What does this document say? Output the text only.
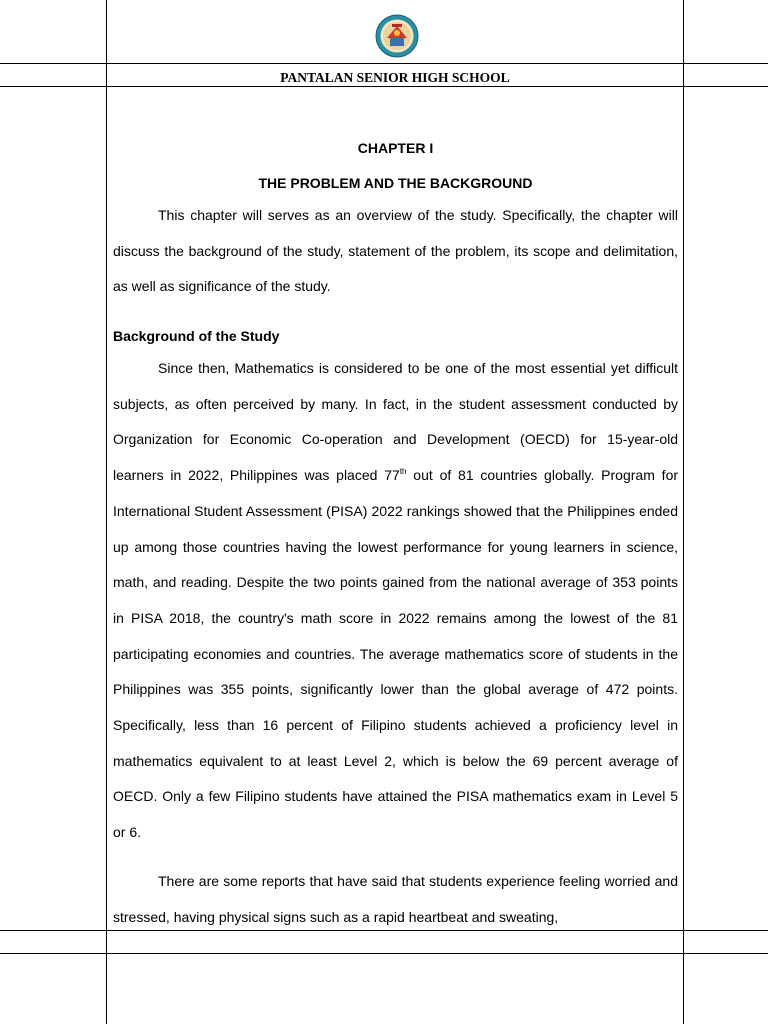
PANTALAN SENIOR HIGH SCHOOL
CHAPTER I
THE PROBLEM AND THE BACKGROUND

This chapter will serves as an overview of the study. Specifically, the chapter will discuss the background of the study, statement of the problem, its scope and delimitation, as well as significance of the study.

Background of the Study

Since then, Mathematics is considered to be one of the most essential yet difficult subjects, as often perceived by many. In fact, in the student assessment conducted by Organization for Economic Co-operation and Development (OECD) for 15-year-old learners in 2022, Philippines was placed 77th out of 81 countries globally. Program for International Student Assessment (PISA) 2022 rankings showed that the Philippines ended up among those countries having the lowest performance for young learners in science, math, and reading. Despite the two points gained from the national average of 353 points in PISA 2018, the country's math score in 2022 remains among the lowest of the 81 participating economies and countries. The average mathematics score of students in the Philippines was 355 points, significantly lower than the global average of 472 points. Specifically, less than 16 percent of Filipino students achieved a proficiency level in mathematics equivalent to at least Level 2, which is below the 69 percent average of OECD. Only a few Filipino students have attained the PISA mathematics exam in Level 5 or 6.

There are some reports that have said that students experience feeling worried and stressed, having physical signs such as a rapid heartbeat and sweating,
